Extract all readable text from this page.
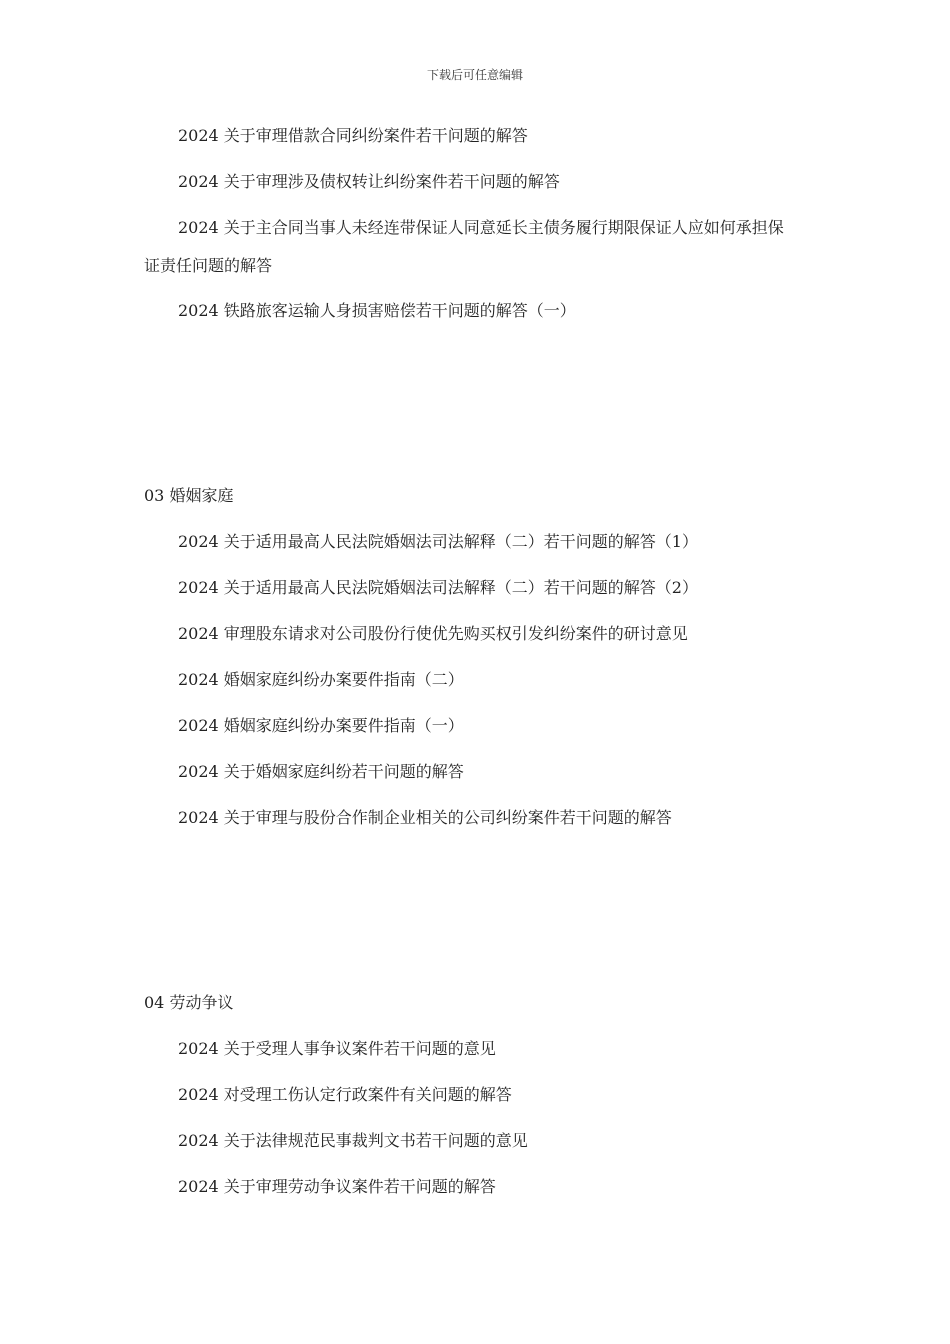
下载后可任意编辑
2024 关于审理借款合同纠纷案件若干问题的解答
2024 关于审理涉及债权转让纠纷案件若干问题的解答
2024 关于主合同当事人未经连带保证人同意延长主债务履行期限保证人应如何承担保
证责任问题的解答
2024 铁路旅客运输人身损害赔偿若干问题的解答（一）
03 婚姻家庭
2024 关于适用最高人民法院婚姻法司法解释（二）若干问题的解答（1）
2024 关于适用最高人民法院婚姻法司法解释（二）若干问题的解答（2）
2024 审理股东请求对公司股份行使优先购买权引发纠纷案件的研讨意见
2024 婚姻家庭纠纷办案要件指南（二）
2024 婚姻家庭纠纷办案要件指南（一）
2024 关于婚姻家庭纠纷若干问题的解答
2024 关于审理与股份合作制企业相关的公司纠纷案件若干问题的解答
04 劳动争议
2024 关于受理人事争议案件若干问题的意见
2024 对受理工伤认定行政案件有关问题的解答
2024 关于法律规范民事裁判文书若干问题的意见
2024 关于审理劳动争议案件若干问题的解答
